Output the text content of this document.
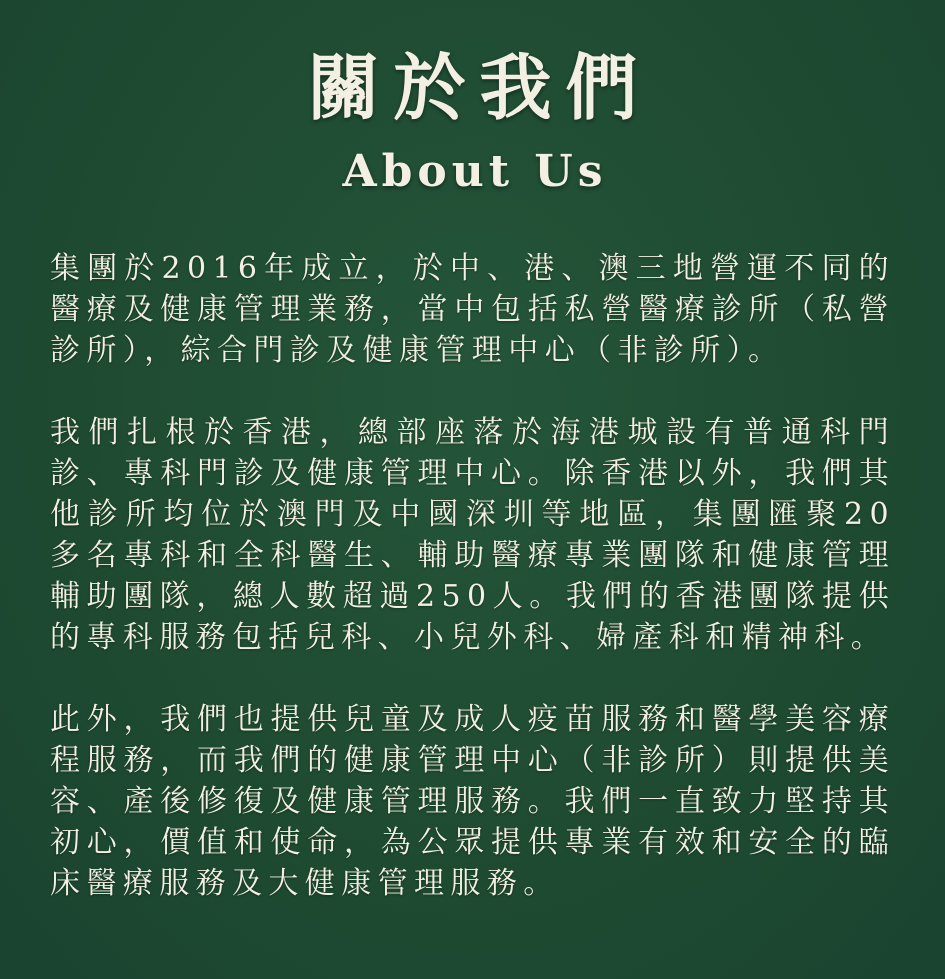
關於我們
About Us

集團於2016年成立，於中、港、澳三地營運不同的醫療及健康管理業務，當中包括私營醫療診所（私營診所），綜合門診及健康管理中心（非診所）。

我們扎根於香港，總部座落於海港城設有普通科門診、專科門診及健康管理中心。除香港以外，我們其他診所均位於澳門及中國深圳等地區，集團匯聚20多名專科和全科醫生、輔助醫療專業團隊和健康管理輔助團隊，總人數超過250人。我們的香港團隊提供的專科服務包括兒科、小兒外科、婦產科和精神科。

此外，我們也提供兒童及成人疫苗服務和醫學美容療程服務，而我們的健康管理中心（非診所）則提供美容、產後修復及健康管理服務。我們一直致力堅持其初心，價值和使命，為公眾提供專業有效和安全的臨床醫療服務及大健康管理服務。
